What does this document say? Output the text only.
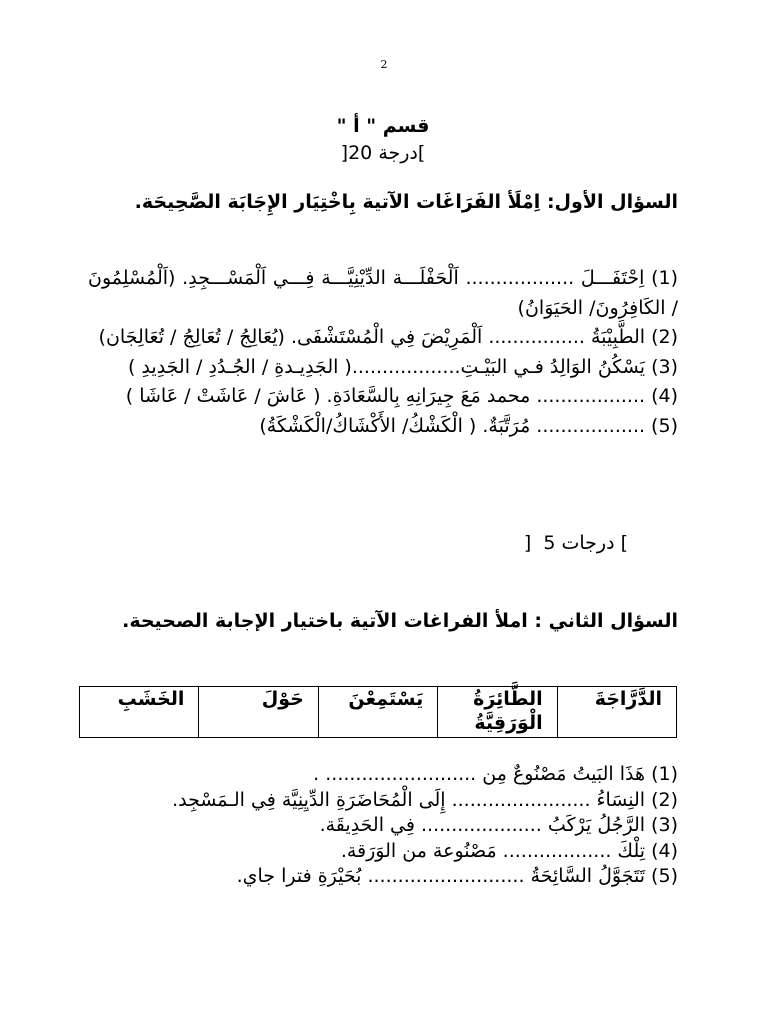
2
قسم " أ "
]20 درجة[
السؤال الأول: اِمْلَأ الفَرَاغَات الآتية بِاخْتِيَار الإِجَابَة الصَّحِيحَة.

(1) اِحْتَفَـــلَ .................. اَلْحَفْلَـــة الدِّيْنِيَّـــة فِـــي اَلْمَسْـــجِدِ. (اَلْمُسْلِمُونَ / الكَافِرُونَ/ الحَيَوَانُ)

(2) الطَّبِيْبَةُ ................ اَلْمَرِيْضَ فِي الْمُسْتَشْفَى. (يُعَالِجُ / تُعَالِجُ / تُعَالِجَان)

(3) يَسْكُنُ الوَالِدُ فـي البَيْـتِ..................( الجَدِيـدةِ / الجُـدُدِ / الجَدِيدِ )

(4) .................. محمد مَعَ جِيرَانِهِ بِالسَّعَادَةِ. ( عَاشَ / عَاشَتْ / عَاشَا )

(5) .................. مُرَتَّبَةٌ. ( الْكَشْكُ/ الأَكْشَاكُ/الْكَشْكَةُ)

]  5 درجات [
السؤال الثاني : املأ الفراغات الآتية باختيار الإجابة الصحيحة.
الدَّرَّاجَةَ	الطَّائِرَةُ الْوَرَقِيَّةُ	يَسْتَمِعْنَ	حَوْلَ	الخَشَبِ

(1) هَذَا البَيتُ مَصْنُوعٌ مِن ......................... .

(2) النِسَاءُ ....................... إِلَى الْمُحَاضَرَةِ الدِّيِنِيَّة فِي الـمَسْجِد.

(3) الرَّجُلُ يَرْكَبُ .................... فِي الحَدِيقَة.

(4) تِلْكَ .................. مَصْنُوعة من الوَرَقة.

(5) تَتَجَوَّلُ السَّائِحَةُ .......................... بُحَيْرَةِ فترا جاي.
